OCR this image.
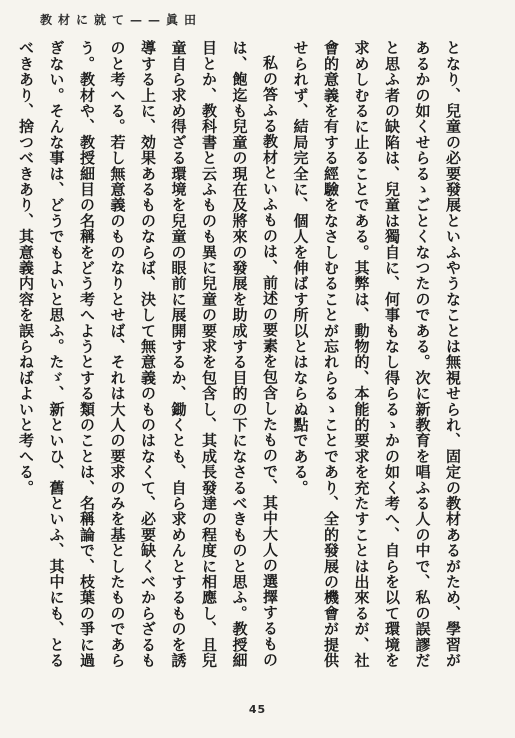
教材に就て——眞田

となり、兒童の必要發展といふやうなことは無視せられ、固定の教材あるがため、學習があるかの如くせらるゝごとくなつたのである。次に新教育を唱ふる人の中で、私の誤謬だと思ふ者の缺陷は、兒童は獨自に、何事もなし得らるゝかの如く考へ、自らを以て環境を求めしむるに止ることである。其弊は、動物的、本能的要求を充たすことは出來るが、社會的意義を有する經驗をなさしむることが忘れらるゝことであり、全的發展の機會が提供せられず、結局完全に、個人を伸ばす所以とはならぬ點である。

私の答ふる教材といふものは、前述の要素を包含したもので、其中大人の選擇するものは、飽迄も兒童の現在及將來の發展を助成する目的の下になさるべきものと思ふ。教授細目とか、教科書と云ふものも異に兒童の要求を包含し、其成長發達の程度に相應し、且兒童自ら求め得ざる環境を兒童の眼前に展開するか、鋤くとも、自ら求めんとするものを誘導する上に、効果あるものならば、決して無意義のものはなくて、必要缺くべからざるものと考へる。若し無意義のものなりとせば、それは大人の要求のみを基としたものであらう。教材や、教授細目の名稱をどう考へようとする類のことは、名稱論で、枝葉の爭に過ぎない。そんな事は、どうでもよいと思ふ。たゞ、新といひ、舊といふ、其中にも、とるべきあり、捨つべきあり、其意義内容を誤らねばよいと考へる。

45
